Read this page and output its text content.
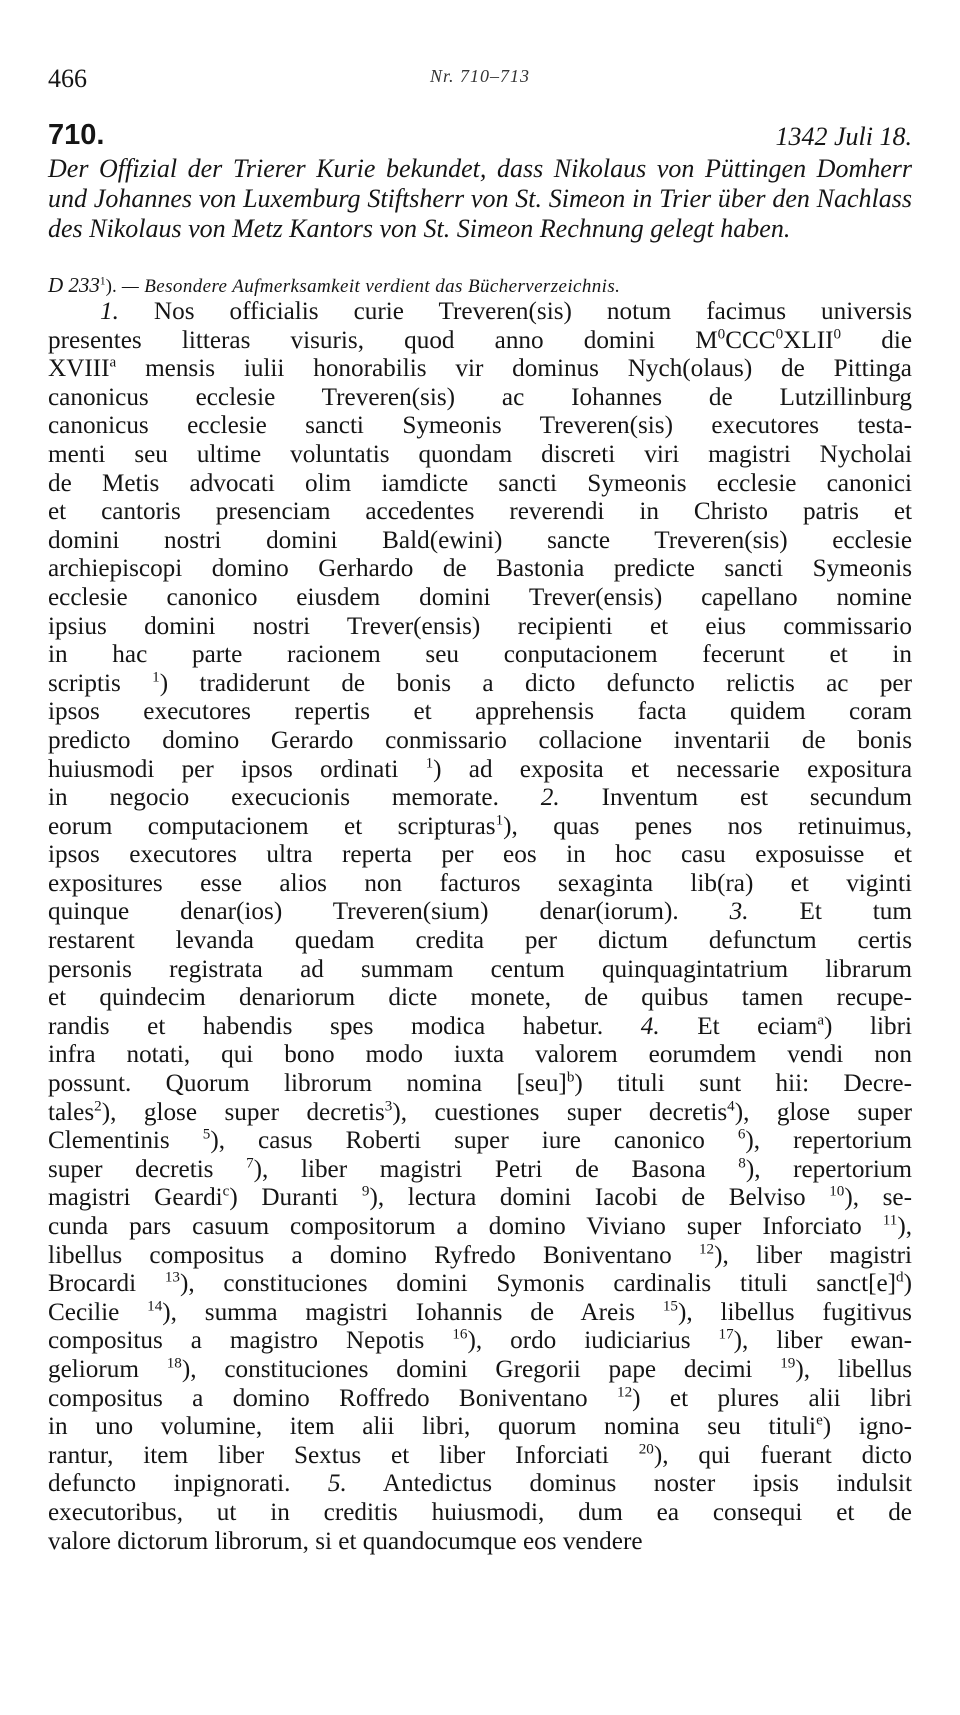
466	Nr. 710–713
710.	1342 Juli 18.
Der Offizial der Trierer Kurie bekundet, dass Nikolaus von Püttingen Domherr und Johannes von Luxemburg Stiftsherr von St. Simeon in Trier über den Nachlass des Nikolaus von Metz Kantors von St. Simeon Rechnung gelegt haben.
D $233^1$). — Besondere Aufmerksamkeit verdient das Bücherverzeichnis.
1. Nos officialis curie Treveren(sis) notum facimus universis
presentes litteras visuris, quod anno domini $M^0CCC^0XLII^0$ die
XVIII$^a$ mensis iulii honorabilis vir dominus Nych(olaus) de Pittinga
canonicus ecclesie Treveren(sis) ac Iohannes de Lutzillinburg
canonicus ecclesie sancti Symeonis Treveren(sis) executores testa-
menti seu ultime voluntatis quondam discreti viri magistri Nycholai
de Metis advocati olim iamdicte sancti Symeonis ecclesie canonici
et cantoris presenciam accedentes reverendi in Christo patris et
domini nostri domini Bald(ewini) sancte Treveren(sis) ecclesie
archiepiscopi domino Gerhardo de Bastonia predicte sancti Symeonis
ecclesie canonico eiusdem domini Trever(ensis) capellano nomine
ipsius domini nostri Trever(ensis) recipienti et eius commissario
in hac parte racionem seu conputacionem fecerunt et in
scriptis $^1$) tradiderunt de bonis a dicto defuncto relictis ac per
ipsos executores repertis et apprehensis facta quidem coram
predicto domino Gerardo conmissario collacione inventarii de bonis
huiusmodi per ipsos ordinati $^1$) ad exposita et necessarie expositura
in negocio execucionis memorate. 2. Inventum est secundum
eorum computacionem et scripturas$^1$), quas penes nos retinuimus,
ipsos executores ultra reperta per eos in hoc casu exposuisse et
expositures esse alios non facturos sexaginta lib(ra) et viginti
quinque denar(ios) Treveren(sium) denar(iorum). 3. Et tum
restarent levanda quedam credita per dictum defunctum certis
personis registrata ad summam centum quinquagintatrium librarum
et quindecim denariorum dicte monete, de quibus tamen recupe-
randis et habendis spes modica habetur. 4. Et eciam$^a$) libri
infra notati, qui bono modo iuxta valorem eorumdem vendi non
possunt. Quorum librorum nomina [seu]$^b$) tituli sunt hii: Decre-
tales$^2$), glose super decretis$^3$), cuestiones super decretis$^4$), glose super
Clementinis $^5$), casus Roberti super iure canonico $^6$), repertorium
super decretis $^7$), liber magistri Petri de Basona $^8$), repertorium
magistri Geardi$^c$) Duranti $^9$), lectura domini Iacobi de Belviso $^{10}$), se-
cunda pars casuum compositorum a domino Viviano super Inforciato $^{11}$),
libellus compositus a domino Ryfredo Boniventano $^{12}$), liber magistri
Brocardi $^{13}$), constituciones domini Symonis cardinalis tituli $sanct[e]^d$)
Cecilie $^{14}$), summa magistri Iohannis de Areis $^{15}$), libellus fugitivus
compositus a magistro Nepotis $^{16}$), ordo iudiciarius $^{17}$), liber ewan-
geliorum $^{18}$), constituciones domini Gregorii pape decimi $^{19}$), libellus
compositus a domino Roffredo Boniventano $^{12}$) et plures alii libri
in uno volumine, item alii libri, quorum nomina seu tituli$^e$) igno-
rantur, item liber Sextus et liber Inforciati $^{20}$), qui fuerant dicto
defuncto inpignorati. 5. Antedictus dominus noster ipsis indulsit
executoribus, ut in creditis huiusmodi, dum ea consequi et de
valore dictorum librorum, si et quandocumque eos vendere
